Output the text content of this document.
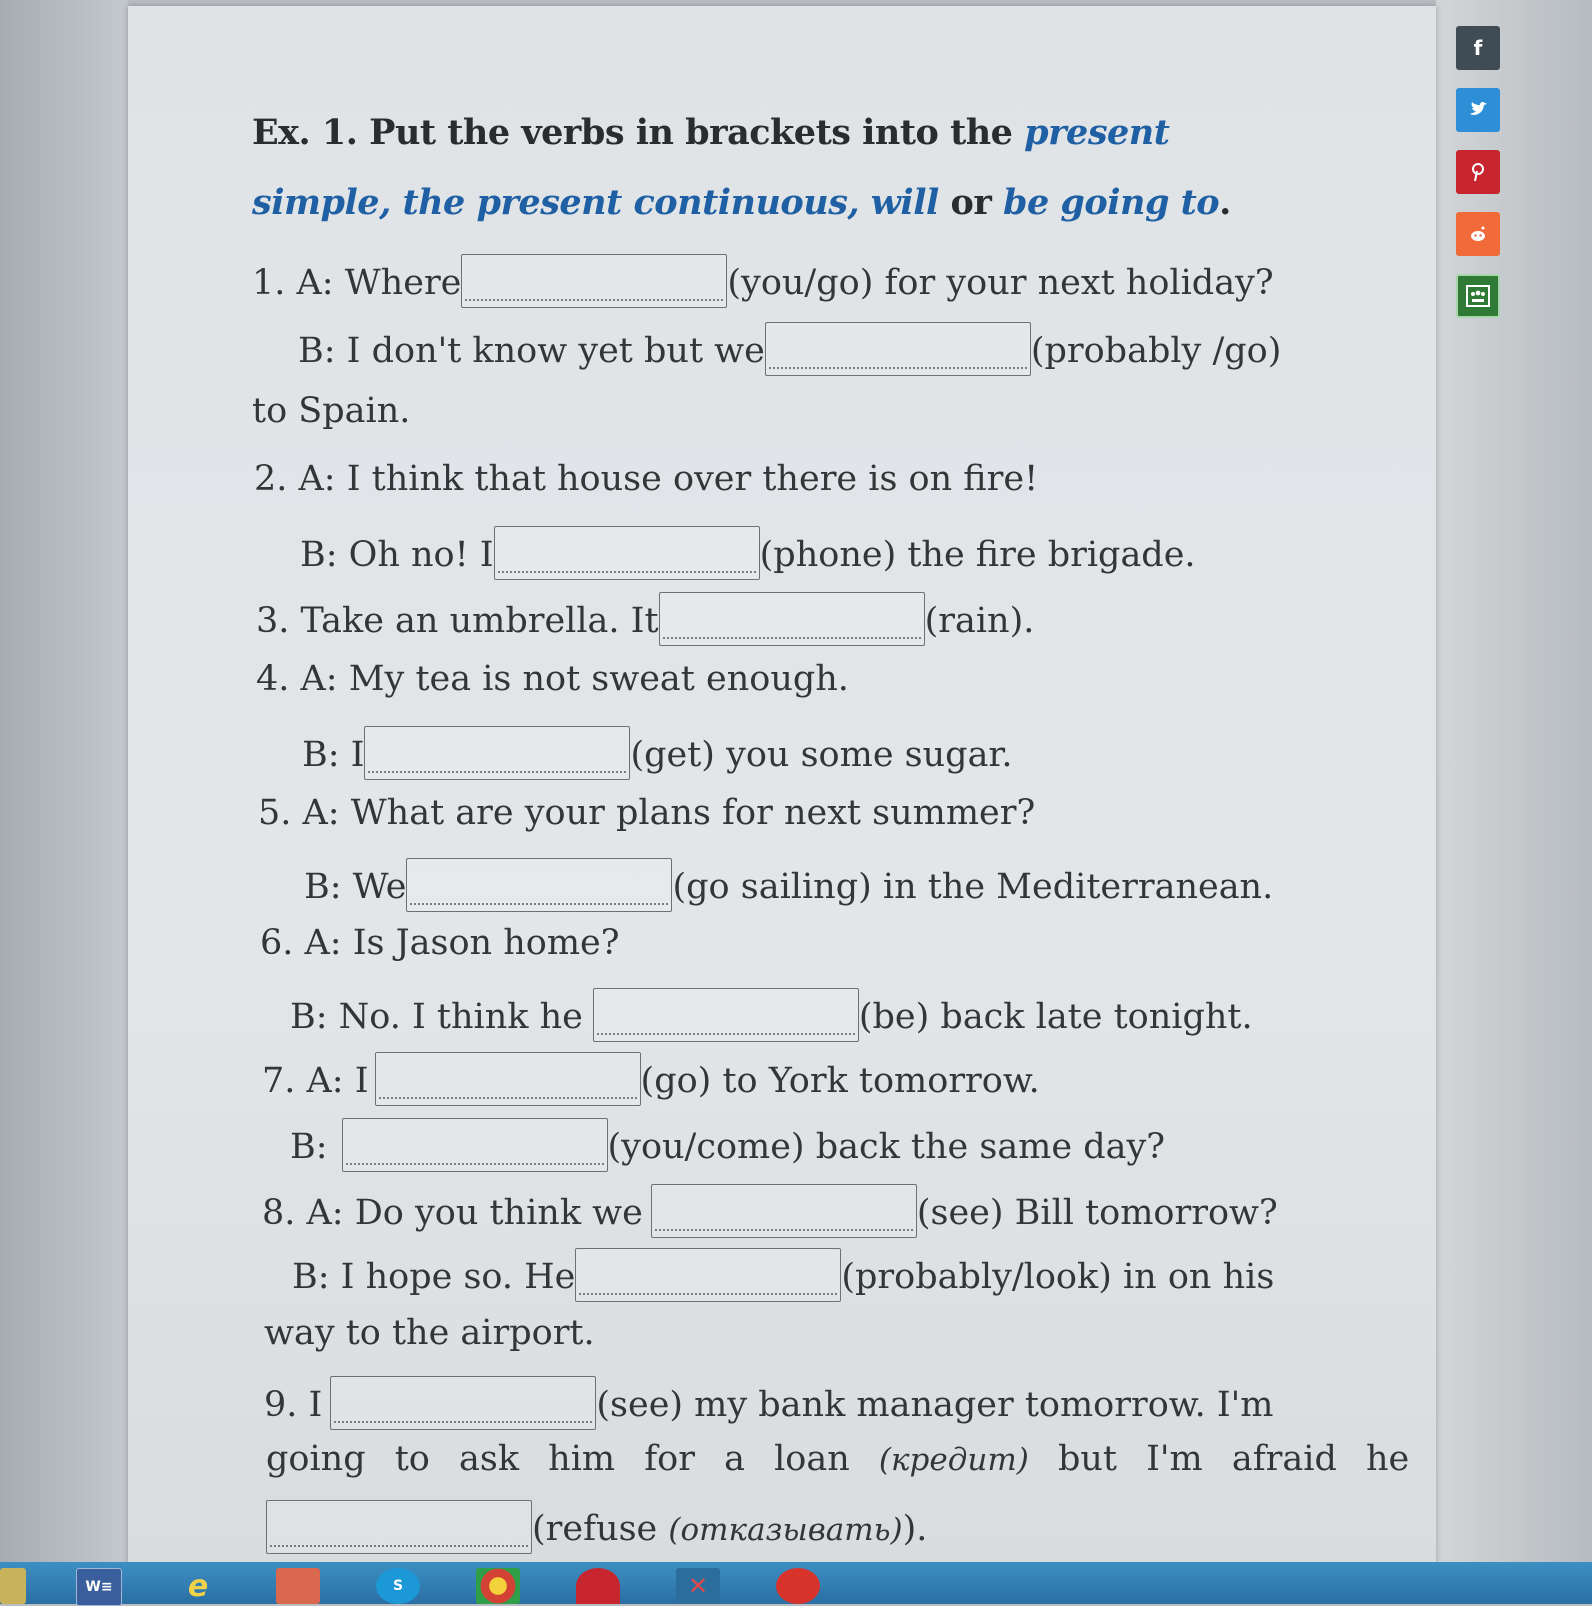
Ex. 1. Put the verbs in brackets into the present simple, the present continuous, will or be going to.
1. A: Where	(you/go) for your next holiday?
B: I don't know yet but we	(probably /go)
to Spain.
2. A: I think that house over there is on fire!
B: Oh no! I	(phone) the fire brigade.
3. Take an umbrella. It	(rain).
4. A: My tea is not sweat enough.
B: I	(get) you some sugar.
5. A: What are your plans for next summer?
B: We	(go sailing) in the Mediterranean.
6. A: Is Jason home?
B: No. I think he	(be) back late tonight.
7. A: I	(go) to York tomorrow.
B:	(you/come) back the same day?
8. A: Do you think we	(see) Bill tomorrow?
B: I hope so. He	(probably/look) in on his
way to the airport.
9. I	(see) my bank manager tomorrow. I'm
going to ask him for a loan (кредит) but I'm afraid he
(refuse (отказывать)).
f
W≡	e	S	✕
